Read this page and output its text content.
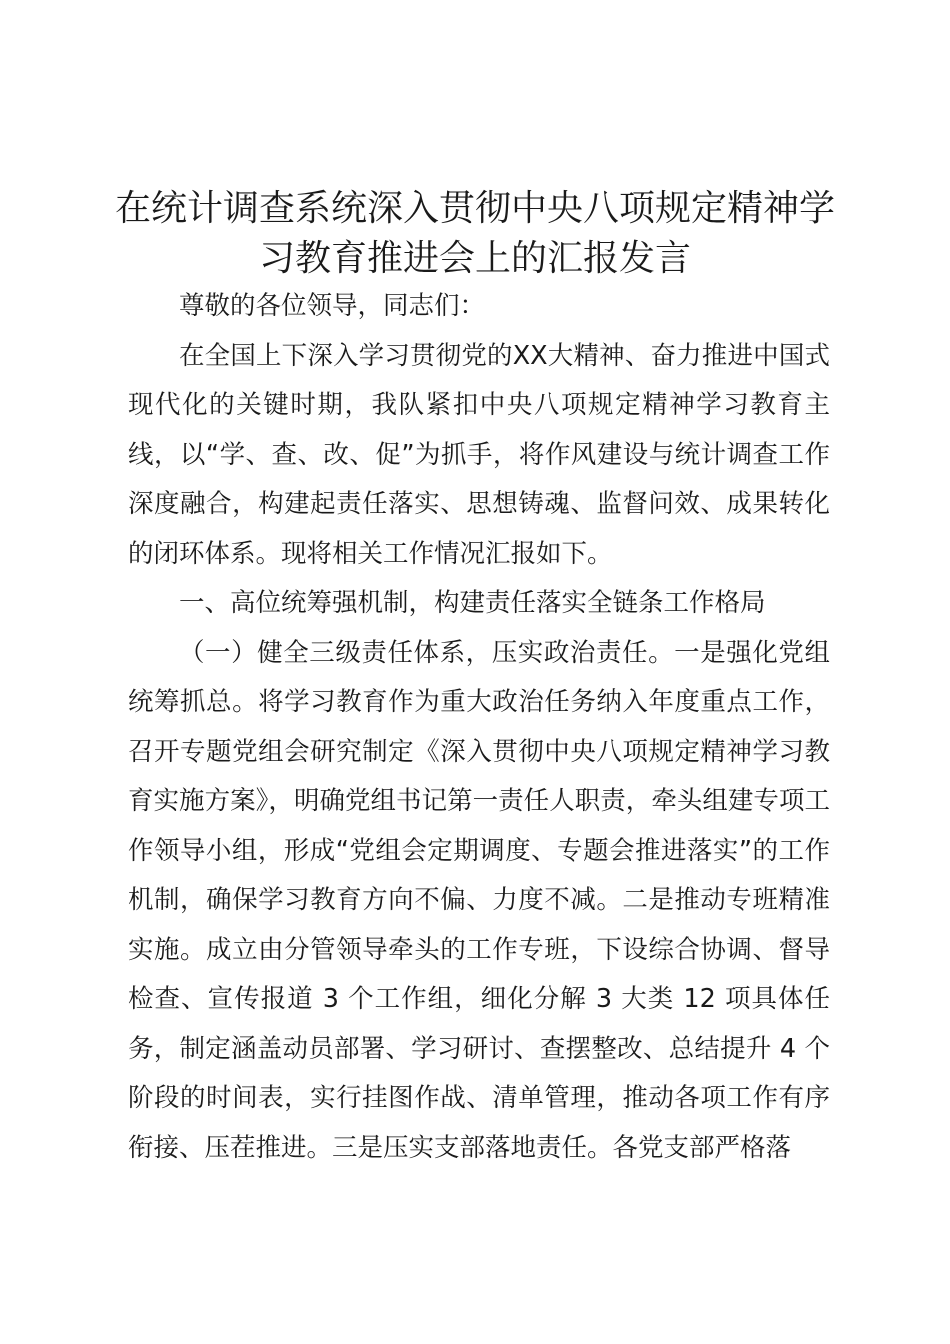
在统计调查系统深入贯彻中央八项规定精神学习教育推进会上的汇报发言

尊敬的各位领导，同志们：

在全国上下深入学习贯彻党的XX大精神、奋力推进中国式现代化的关键时期，我队紧扣中央八项规定精神学习教育主线，以“学、查、改、促”为抓手，将作风建设与统计调查工作深度融合，构建起责任落实、思想铸魂、监督问效、成果转化的闭环体系。现将相关工作情况汇报如下。

一、高位统筹强机制，构建责任落实全链条工作格局

（一）健全三级责任体系，压实政治责任。一是强化党组统筹抓总。将学习教育作为重大政治任务纳入年度重点工作，召开专题党组会研究制定《深入贯彻中央八项规定精神学习教育实施方案》，明确党组书记第一责任人职责，牵头组建专项工作领导小组，形成“党组会定期调度、专题会推进落实”的工作机制，确保学习教育方向不偏、力度不减。二是推动专班精准实施。成立由分管领导牵头的工作专班，下设综合协调、督导检查、宣传报道 3 个工作组，细化分解 3 大类 12 项具体任务，制定涵盖动员部署、学习研讨、查摆整改、总结提升 4 个阶段的时间表，实行挂图作战、清单管理，推动各项工作有序衔接、压茬推进。三是压实支部落地责任。各党支部严格落
